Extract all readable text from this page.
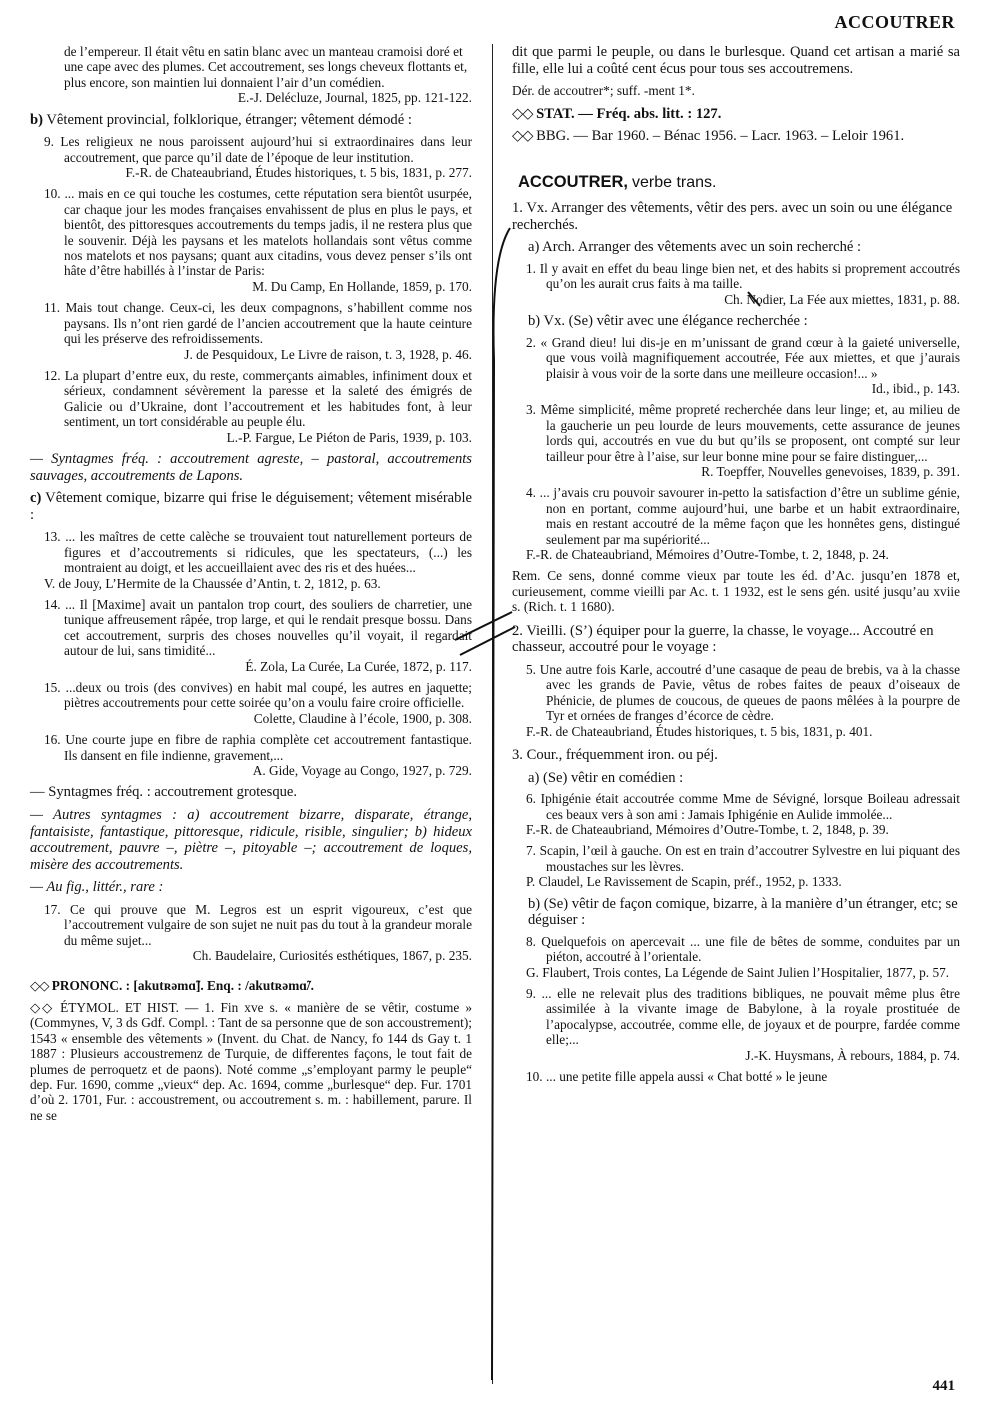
ACCOUTRER
de l’empereur. Il était vêtu en satin blanc avec un manteau cramoisi doré et une cape avec des plumes. Cet accoutrement, ses longs cheveux flottants et, plus encore, son maintien lui donnaient l’air d’un comédien.
E.-J. Delécluze, Journal, 1825, pp. 121-122.

b) Vêtement provincial, folklorique, étranger; vêtement démodé :

9. Les religieux ne nous paroissent aujourd’hui si extraordinaires dans leur accoutrement, que parce qu’il date de l’époque de leur institution.
F.-R. de Chateaubriand, Études historiques, t. 5 bis, 1831, p. 277.
10. ... mais en ce qui touche les costumes, cette réputation sera bientôt usurpée, car chaque jour les modes françaises envahissent de plus en plus le pays, et bientôt, des pittoresques accoutrements du temps jadis, il ne restera plus que le souvenir. Déjà les paysans et les matelots hollandais sont vêtus comme nos matelots et nos paysans; quant aux citadins, vous devez penser s’ils ont hâte d’être habillés à l’instar de Paris:
M. Du Camp, En Hollande, 1859, p. 170.
11. Mais tout change. Ceux-ci, les deux compagnons, s’habillent comme nos paysans. Ils n’ont rien gardé de l’ancien accoutrement que la haute ceinture qui les préserve des refroidissements.
J. de Pesquidoux, Le Livre de raison, t. 3, 1928, p. 46.
12. La plupart d’entre eux, du reste, commerçants aimables, infiniment doux et sérieux, condamnent sévèrement la paresse et la saleté des émigrés de Galicie ou d’Ukraine, dont l’accoutrement et les habitudes font, à leur sentiment, un tort considérable au peuple élu.
L.-P. Fargue, Le Piéton de Paris, 1939, p. 103.

— Syntagmes fréq. : accoutrement agreste, – pastoral, accoutrements sauvages, accoutrements de Lapons.

c) Vêtement comique, bizarre qui frise le déguisement; vêtement misérable :

13. ... les maîtres de cette calèche se trouvaient tout naturellement porteurs de figures et d’accoutrements si ridicules, que les spectateurs, (...) les montraient au doigt, et les accueillaient avec des ris et des huées...
V. de Jouy, L’Hermite de la Chaussée d’Antin, t. 2, 1812, p. 63.
14. ... Il [Maxime] avait un pantalon trop court, des souliers de charretier, une tunique affreusement râpée, trop large, et qui le rendait presque bossu. Dans cet accoutrement, surpris des choses nouvelles qu’il voyait, il regardait autour de lui, sans timidité...
É. Zola, La Curée, La Curée, 1872, p. 117.
15. ...deux ou trois (des convives) en habit mal coupé, les autres en jaquette; piètres accoutrements pour cette soirée qu’on a voulu faire croire officielle.
Colette, Claudine à l’école, 1900, p. 308.
16. Une courte jupe en fibre de raphia complète cet accoutrement fantastique. Ils dansent en file indienne, gravement,...
A. Gide, Voyage au Congo, 1927, p. 729.

— Syntagmes fréq. : accoutrement grotesque.

— Autres syntagmes : a) accoutrement bizarre, disparate, étrange, fantaisiste, fantastique, pittoresque, ridicule, risible, singulier; b) hideux accoutrement, pauvre –, piètre –, pitoyable –; accoutrement de loques, misère des accoutrements.

— Au fig., littér., rare :

17. Ce qui prouve que M. Legros est un esprit vigoureux, c’est que l’accoutrement vulgaire de son sujet ne nuit pas du tout à la grandeur morale du même sujet...
Ch. Baudelaire, Curiosités esthétiques, 1867, p. 235.

◇◇ PRONONC. : [akutʀəmɑ̃]. Enq. : /akutʀəmɑ̃/.

◇◇ ÉTYMOL. ET HIST. — 1. Fin xve s. « manière de se vêtir, costume » (Commynes, V, 3 ds Gdf. Compl. : Tant de sa personne que de son accoustrement); 1543 « ensemble des vêtements » (Invent. du Chat. de Nancy, fo 144 ds Gay t. 1 1887 : Plusieurs accoustremenz de Turquie, de differentes façons, le tout fait de plumes de perroquetz et de paons). Noté comme „s’employant parmy le peuple“ dep. Fur. 1690, comme „vieux“ dep. Ac. 1694, comme „burlesque“ dep. Fur. 1701 d’où 2. 1701, Fur. : accoustrement, ou accoutrement s. m. : habillement, parure. Il ne se

dit que parmi le peuple, ou dans le burlesque. Quand cet artisan a marié sa fille, elle lui a coûté cent écus pour tous ses accoutremens.

Dér. de accoutrer*; suff. -ment 1*.

◇◇ STAT. — Fréq. abs. litt. : 127.

◇◇ BBG. — Bar 1960. – Bénac 1956. – Lacr. 1963. – Leloir 1961.

ACCOUTRER, verbe trans.

1. Vx. Arranger des vêtements, vêtir des pers. avec un soin ou une élégance recherchés.

a) Arch. Arranger des vêtements avec un soin recherché :

1. Il y avait en effet du beau linge bien net, et des habits si proprement accoutrés qu’on les aurait crus faits à ma taille.
Ch. Nodier, La Fée aux miettes, 1831, p. 88.

b) Vx. (Se) vêtir avec une élégance recherchée :

2. « Grand dieu! lui dis-je en m’unissant de grand cœur à la gaieté universelle, que vous voilà magnifiquement accoutrée, Fée aux miettes, et que j’aurais plaisir à vous voir de la sorte dans une meilleure occasion!... »
Id., ibid., p. 143.
3. Même simplicité, même propreté recherchée dans leur linge; et, au milieu de la gaucherie un peu lourde de leurs mouvements, cette assurance de jeunes lords qui, accoutrés en vue du but qu’ils se proposent, ont compté sur leur tailleur pour être à l’aise, sur leur bonne mine pour se faire distinguer,...
R. Toepffer, Nouvelles genevoises, 1839, p. 391.
4. ... j’avais cru pouvoir savourer in-petto la satisfaction d’être un sublime génie, non en portant, comme aujourd’hui, une barbe et un habit extraordinaire, mais en restant accoutré de la même façon que les honnêtes gens, distingué seulement par ma supériorité...
F.-R. de Chateaubriand, Mémoires d’Outre-Tombe, t. 2, 1848, p. 24.

Rem. Ce sens, donné comme vieux par toute les éd. d’Ac. jusqu’en 1878 et, curieusement, comme vieilli par Ac. t. 1 1932, est le sens gén. usité jusqu’au xviie s. (Rich. t. 1 1680).

2. Vieilli. (S’) équiper pour la guerre, la chasse, le voyage... Accoutré en chasseur, accoutré pour le voyage :

5. Une autre fois Karle, accoutré d’une casaque de peau de brebis, va à la chasse avec les grands de Pavie, vêtus de robes faites de peaux d’oiseaux de Phénicie, de plumes de coucous, de queues de paons mêlées à la pourpre de Tyr et ornées de franges d’écorce de cèdre.
F.-R. de Chateaubriand, Études historiques, t. 5 bis, 1831, p. 401.

3. Cour., fréquemment iron. ou péj.

a) (Se) vêtir en comédien :

6. Iphigénie était accoutrée comme Mme de Sévigné, lorsque Boileau adressait ces beaux vers à son ami : Jamais Iphigénie en Aulide immolée...
F.-R. de Chateaubriand, Mémoires d’Outre-Tombe, t. 2, 1848, p. 39.
7. Scapin, l’œil à gauche. On est en train d’accoutrer Sylvestre en lui piquant des moustaches sur les lèvres.
P. Claudel, Le Ravissement de Scapin, préf., 1952, p. 1333.

b) (Se) vêtir de façon comique, bizarre, à la manière d’un étranger, etc; se déguiser :

8. Quelquefois on apercevait ... une file de bêtes de somme, conduites par un piéton, accoutré à l’orientale.
G. Flaubert, Trois contes, La Légende de Saint Julien l’Hospitalier, 1877, p. 57.
9. ... elle ne relevait plus des traditions bibliques, ne pouvait même plus être assimilée à la vivante image de Babylone, à la royale prostituée de l’apocalypse, accoutrée, comme elle, de joyaux et de pourpre, fardée comme elle;...
J.-K. Huysmans, À rebours, 1884, p. 74.
10. ... une petite fille appela aussi « Chat botté » le jeune
441
